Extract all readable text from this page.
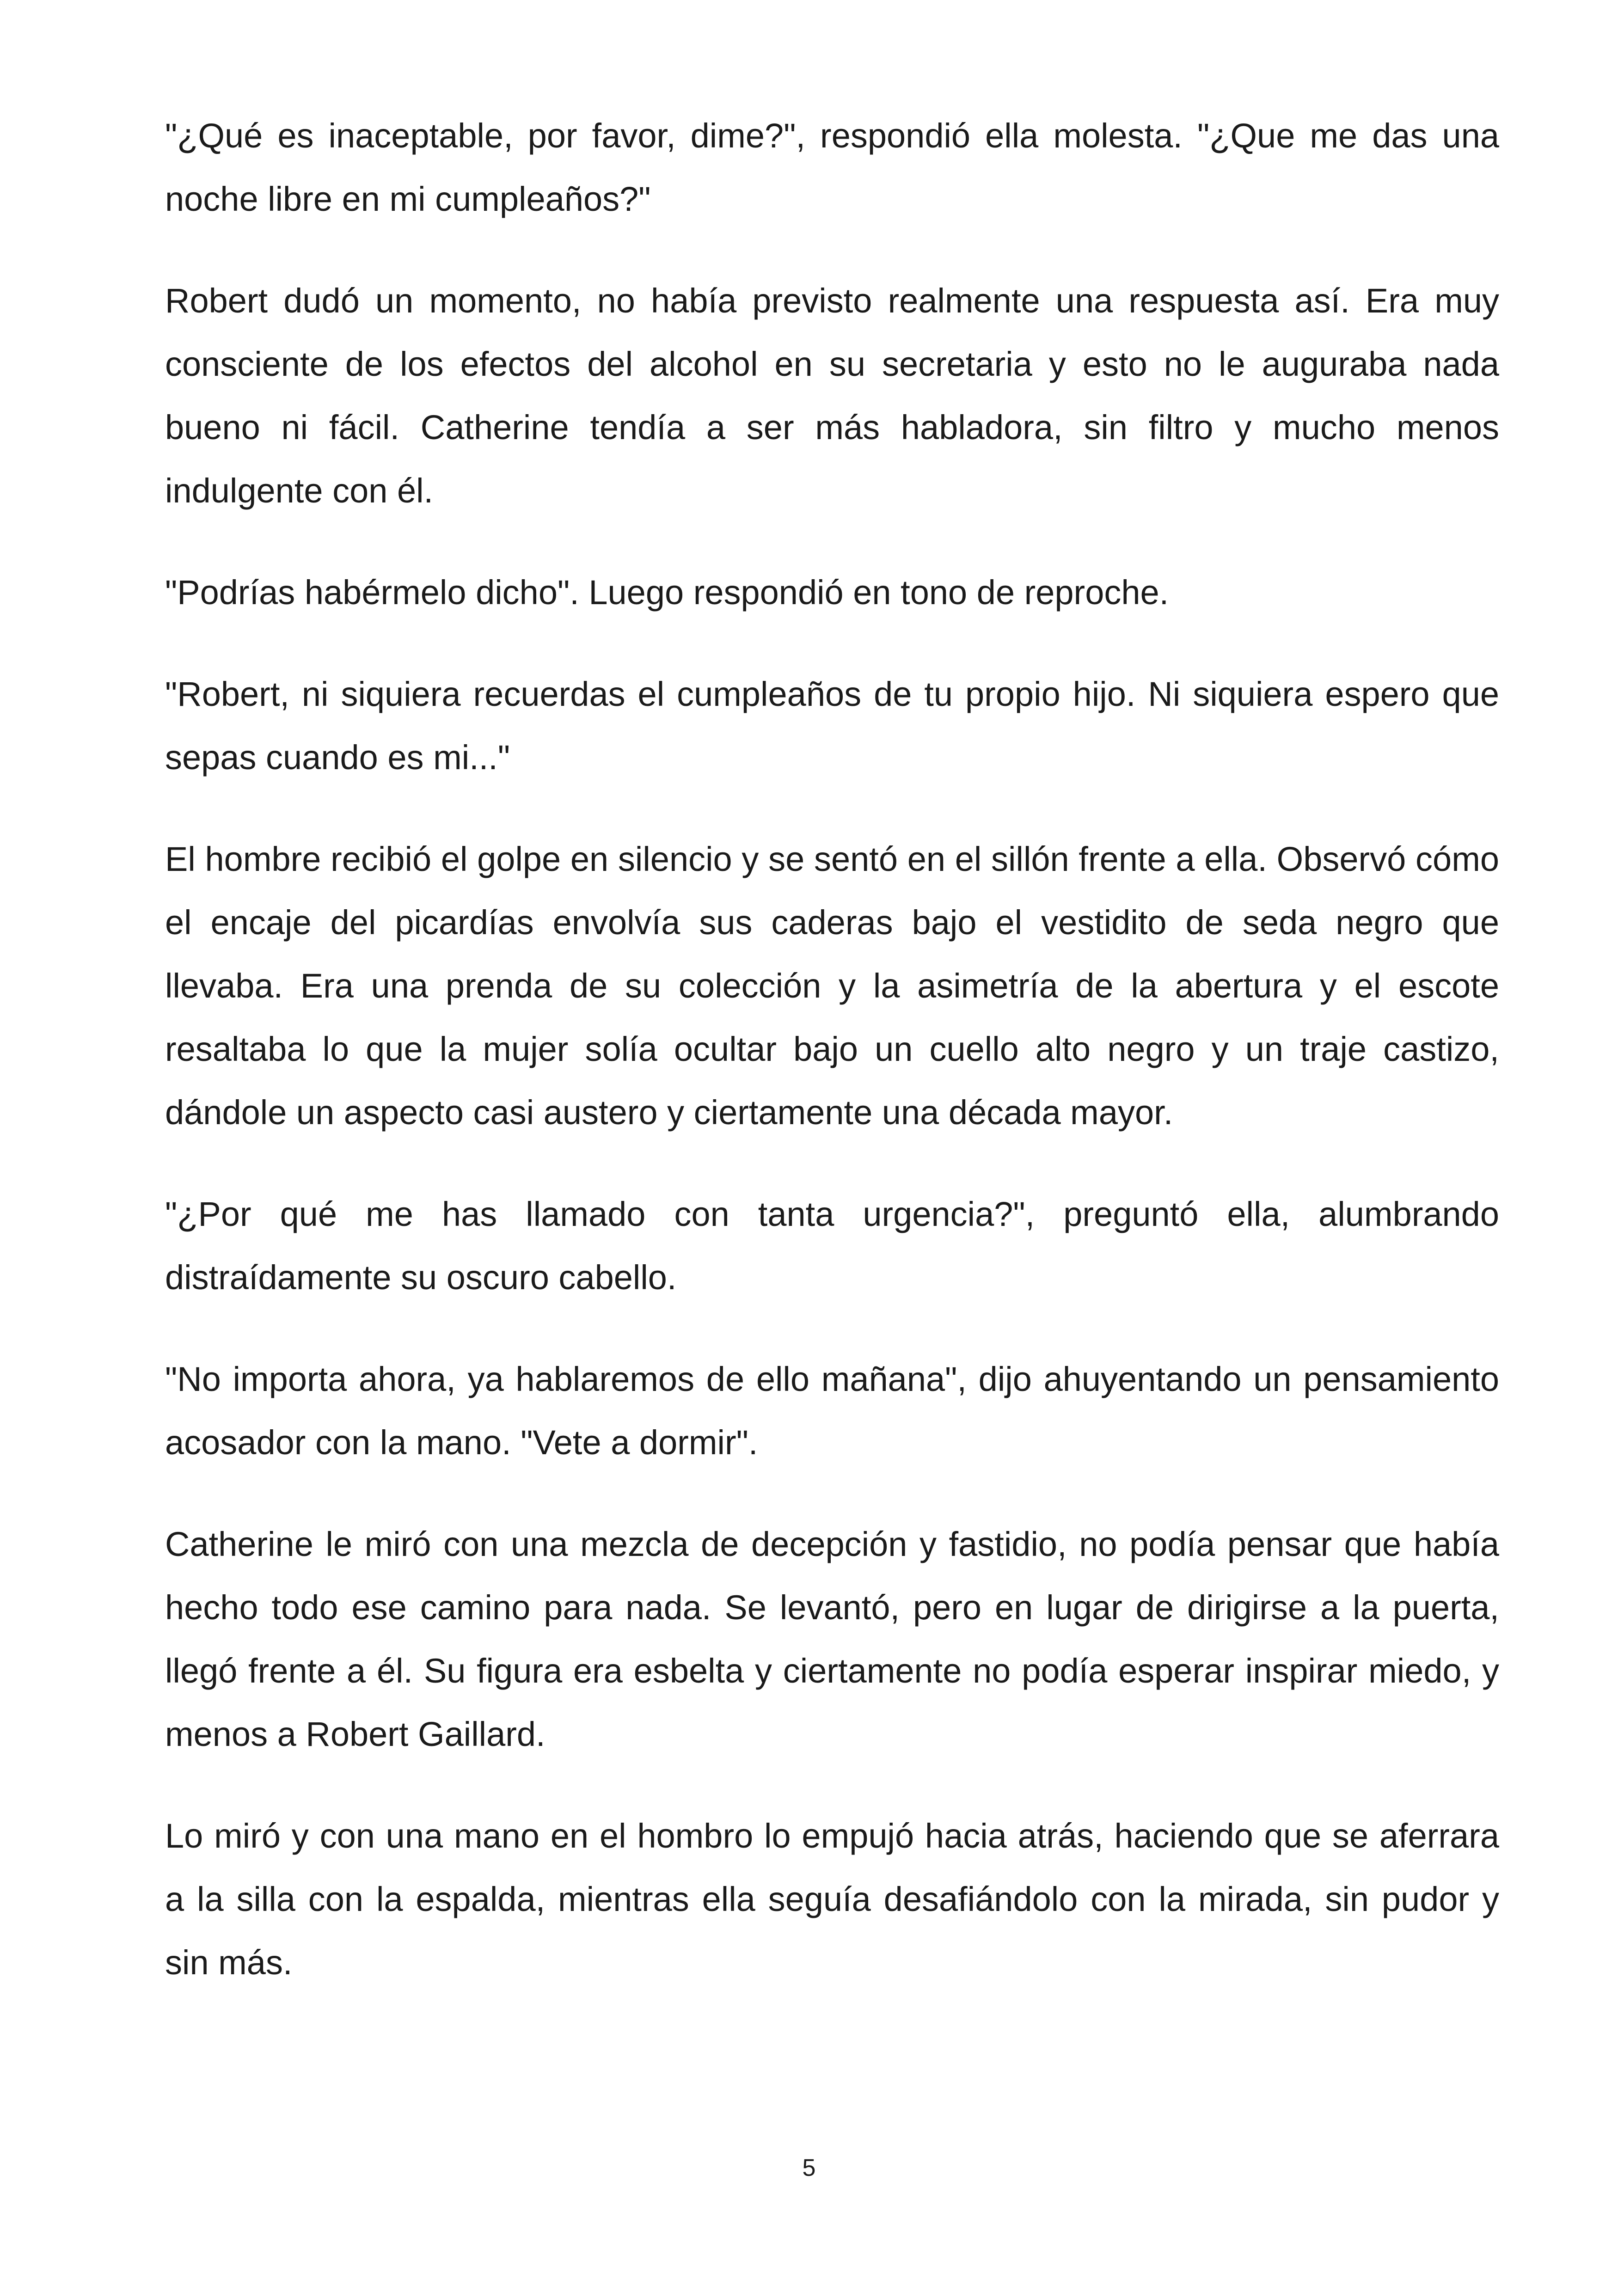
"¿Qué es inaceptable, por favor, dime?", respondió ella molesta. "¿Que me das una noche libre en mi cumpleaños?"

Robert dudó un momento, no había previsto realmente una respuesta así. Era muy consciente de los efectos del alcohol en su secretaria y esto no le auguraba nada bueno ni fácil. Catherine tendía a ser más habladora, sin filtro y mucho menos indulgente con él.

"Podrías habérmelo dicho". Luego respondió en tono de reproche.

"Robert, ni siquiera recuerdas el cumpleaños de tu propio hijo. Ni siquiera espero que sepas cuando es mi..."

El hombre recibió el golpe en silencio y se sentó en el sillón frente a ella. Observó cómo el encaje del picardías envolvía sus caderas bajo el vestidito de seda negro que llevaba. Era una prenda de su colección y la asimetría de la abertura y el escote resaltaba lo que la mujer solía ocultar bajo un cuello alto negro y un traje castizo, dándole un aspecto casi austero y ciertamente una década mayor.

"¿Por qué me has llamado con tanta urgencia?", preguntó ella, alumbrando distraídamente su oscuro cabello.

"No importa ahora, ya hablaremos de ello mañana", dijo ahuyentando un pensamiento acosador con la mano. "Vete a dormir".

Catherine le miró con una mezcla de decepción y fastidio, no podía pensar que había hecho todo ese camino para nada. Se levantó, pero en lugar de dirigirse a la puerta, llegó frente a él. Su figura era esbelta y ciertamente no podía esperar inspirar miedo, y menos a Robert Gaillard.

Lo miró y con una mano en el hombro lo empujó hacia atrás, haciendo que se aferrara a la silla con la espalda, mientras ella seguía desafiándolo con la mirada, sin pudor y sin más.

5
